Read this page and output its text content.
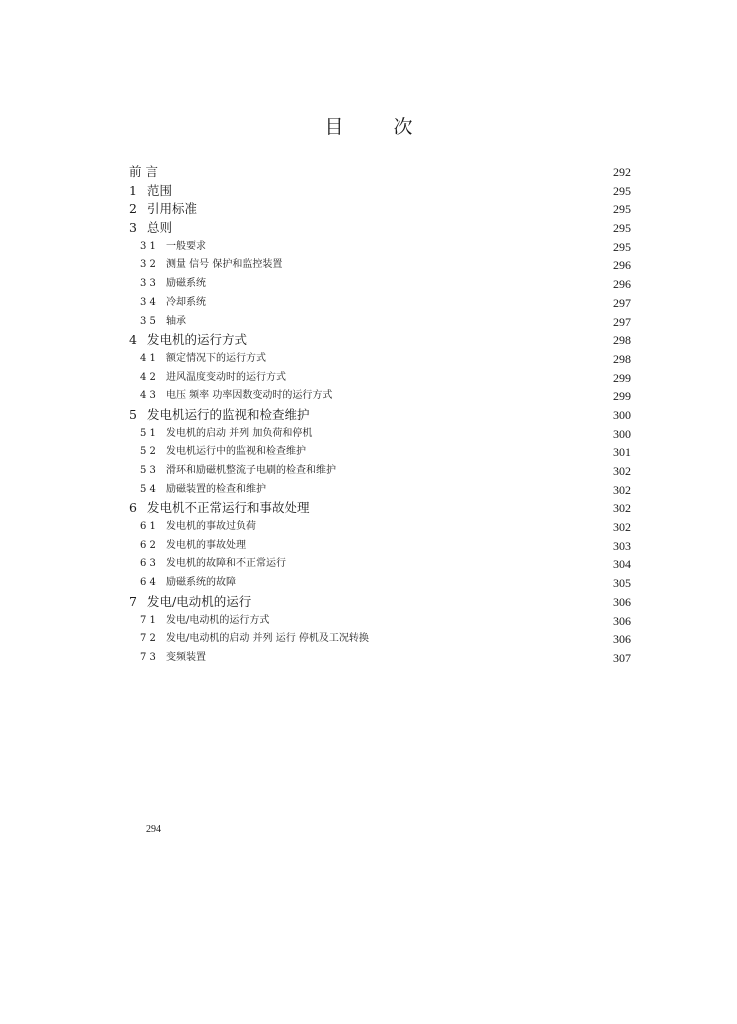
目	次
前 言	292
1 范围	295
2 引用标准	295
3 总则	295
3 1 一般要求	295
3 2 测量 信号 保护和监控装置	296
3 3 励磁系统	296
3 4 冷却系统	297
3 5 轴承	297
4 发电机的运行方式	298
4 1 额定情况下的运行方式	298
4 2 进风温度变动时的运行方式	299
4 3 电压 频率 功率因数变动时的运行方式	299
5 发电机运行的监视和检查维护	300
5 1 发电机的启动 并列 加负荷和停机	300
5 2 发电机运行中的监视和检查维护	301
5 3 滑环和励磁机整流子电刷的检查和维护	302
5 4 励磁装置的检查和维护	302
6 发电机不正常运行和事故处理	302
6 1 发电机的事故过负荷	302
6 2 发电机的事故处理	303
6 3 发电机的故障和不正常运行	304
6 4 励磁系统的故障	305
7 发电/电动机的运行	306
7 1 发电/电动机的运行方式	306
7 2 发电/电动机的启动 并列 运行 停机及工况转换	306
7 3 变频装置	307
294
